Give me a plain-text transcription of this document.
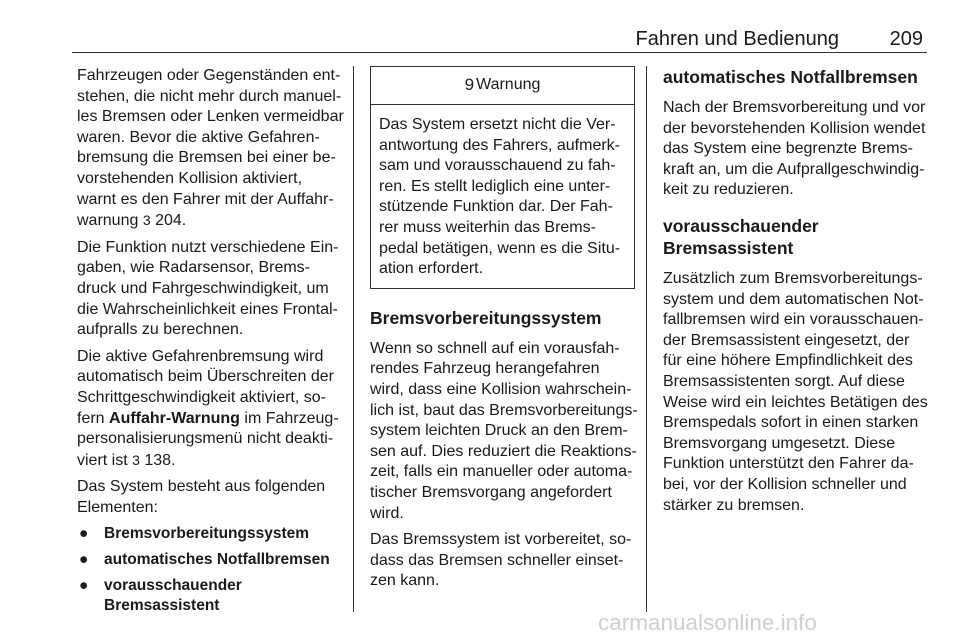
Fahren und Bedienung	209

Fahrzeugen oder Gegenständen ent-
stehen, die nicht mehr durch manuel-
les Bremsen oder Lenken vermeidbar
waren. Bevor die aktive Gefahren-
bremsung die Bremsen bei einer be-
vorstehenden Kollision aktiviert,
warnt es den Fahrer mit der Auffahr-
warnung 3 204.

Die Funktion nutzt verschiedene Ein-
gaben, wie Radarsensor, Brems-
druck und Fahrgeschwindigkeit, um
die Wahrscheinlichkeit eines Frontal-
aufpralls zu berechnen.

Die aktive Gefahrenbremsung wird
automatisch beim Überschreiten der
Schrittgeschwindigkeit aktiviert, so-
fern Auffahr-Warnung im Fahrzeug-
personalisierungsmenü nicht deakti-
viert ist 3 138.

Das System besteht aus folgenden
Elementen:

● Bremsvorbereitungssystem
● automatisches Notfallbremsen
● vorausschauender Bremsassistent
9 Warnung
Das System ersetzt nicht die Ver-
antwortung des Fahrers, aufmerk-
sam und vorausschauend zu fah-
ren. Es stellt lediglich eine unter-
stützende Funktion dar. Der Fah-
rer muss weiterhin das Brems-
pedal betätigen, wenn es die Situ-
ation erfordert.
Bremsvorbereitungssystem

Wenn so schnell auf ein vorausfah-
rendes Fahrzeug herangefahren
wird, dass eine Kollision wahrschein-
lich ist, baut das Bremsvorbereitungs-
system leichten Druck an den Brem-
sen auf. Dies reduziert die Reaktions-
zeit, falls ein manueller oder automa-
tischer Bremsvorgang angefordert
wird.

Das Bremssystem ist vorbereitet, so-
dass das Bremsen schneller einset-
zen kann.

automatisches Notfallbremsen

Nach der Bremsvorbereitung und vor
der bevorstehenden Kollision wendet
das System eine begrenzte Brems-
kraft an, um die Aufprallgeschwindig-
keit zu reduzieren.

vorausschauender
Bremsassistent

Zusätzlich zum Bremsvorbereitungs-
system und dem automatischen Not-
fallbremsen wird ein vorausschauen-
der Bremsassistent eingesetzt, der
für eine höhere Empfindlichkeit des
Bremsassistenten sorgt. Auf diese
Weise wird ein leichtes Betätigen des
Bremspedals sofort in einen starken
Bremsvorgang umgesetzt. Diese
Funktion unterstützt den Fahrer da-
bei, vor der Kollision schneller und
stärker zu bremsen.

carmanualsonline.info
